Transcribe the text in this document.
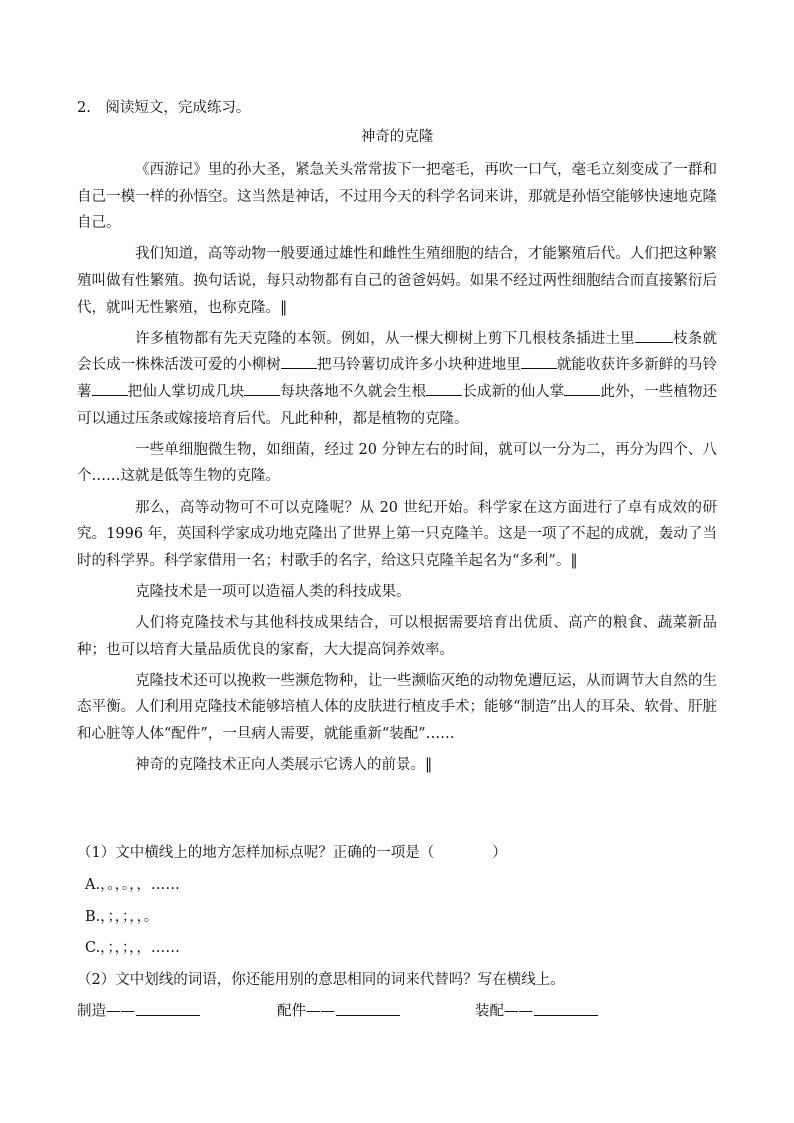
2.　阅读短文，完成练习。
神奇的克隆

《西游记》里的孙大圣，紧急关头常常拔下一把毫毛，再吹一口气，毫毛立刻变成了一群和自己一模一样的孙悟空。这当然是神话，不过用今天的科学名词来讲，那就是孙悟空能够快速地克隆自己。

我们知道，高等动物一般要通过雄性和雌性生殖细胞的结合，才能繁殖后代。人们把这种繁殖叫做有性繁殖。换句话说，每只动物都有自己的爸爸妈妈。如果不经过两性细胞结合而直接繁衍后代，就叫无性繁殖，也称克隆。‖

许多植物都有先天克隆的本领。例如，从一棵大柳树上剪下几根枝条插进土里	枝条就会长成一株株活泼可爱的小柳树 把马铃薯切成许多小块种进地里 就能收获许多新鲜的马铃薯 把仙人掌切成几块 每块落地不久就会生根 长成新的仙人掌 此外，一些植物还可以通过压条或嫁接培育后代。凡此种种，都是植物的克隆。

一些单细胞微生物，如细菌，经过 20 分钟左右的时间，就可以一分为二，再分为四个、八个……这就是低等生物的克隆。

那么，高等动物可不可以克隆呢？从 20 世纪开始。科学家在这方面进行了卓有成效的研究。1996 年，英国科学家成功地克隆出了世界上第一只克隆羊。这是一项了不起的成就，轰动了当时的科学界。科学家借用一名；村歌手的名字，给这只克隆羊起名为“多利”。‖

克隆技术是一项可以造福人类的科技成果。

人们将克隆技术与其他科技成果结合，可以根据需要培育出优质、高产的粮食、蔬菜新品种；也可以培育大量品质优良的家畜，大大提高饲养效率。

克隆技术还可以挽救一些濒危物种，让一些濒临灭绝的动物免遭厄运，从而调节大自然的生态平衡。人们利用克隆技术能够培植人体的皮肤进行植皮手术；能够“制造”出人的耳朵、软骨、肝脏和心脏等人体“配件”，一旦病人需要，就能重新“装配”……

神奇的克隆技术正向人类展示它诱人的前景。‖

（1）文中横线上的地方怎样加标点呢？正确的一项是（　　　　）
A.，。，。，，……
B.，；，；，，。
C.，；，；，，……
（2）文中划线的词语，你还能用别的意思相同的词来代替吗？写在横线上。
制造——	配件——	装配——
